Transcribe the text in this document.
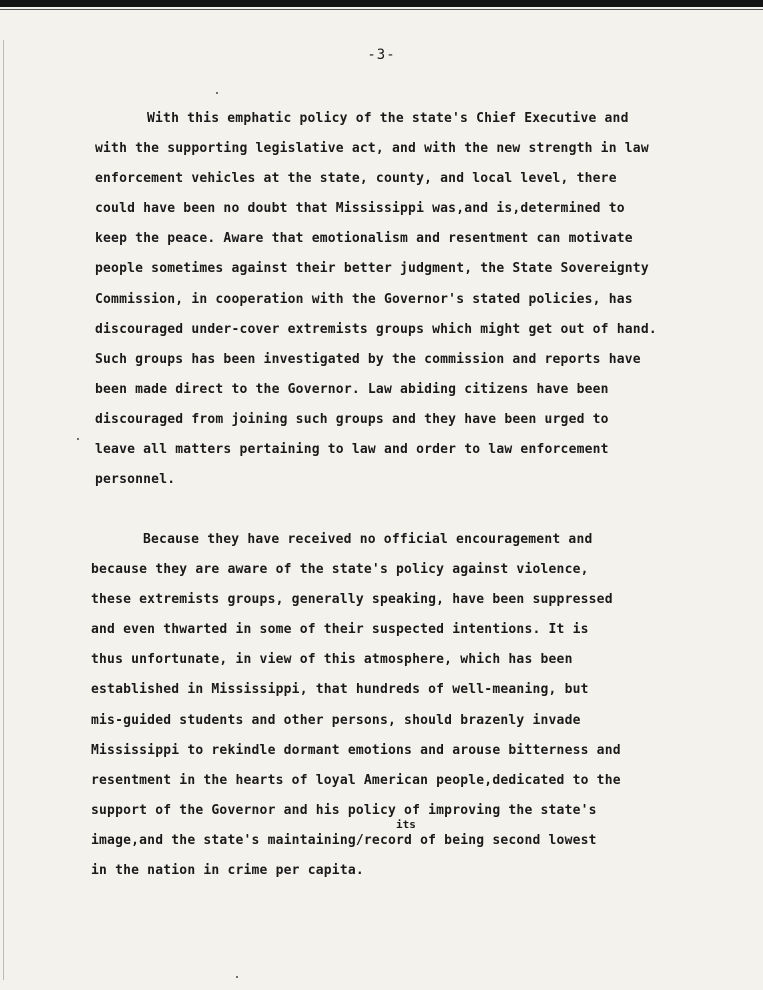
-3-
With this emphatic policy of the state's Chief Executive and
with the supporting legislative act, and with the new strength in law
enforcement vehicles at the state, county, and local level, there
could have been no doubt that Mississippi was,and is,determined to
keep the peace. Aware that emotionalism and resentment can motivate
people sometimes against their better judgment, the State Sovereignty
Commission, in cooperation with the Governor's stated policies, has
discouraged under-cover extremists groups which might get out of hand.
Such groups has been investigated by the commission and reports have
been made direct to the Governor. Law abiding citizens have been
discouraged from joining such groups and they have been urged to
leave all matters pertaining to law and order to law enforcement
personnel.
Because they have received no official encouragement and
because they are aware of the state's policy against violence,
these extremists groups, generally speaking, have been suppressed
and even thwarted in some of their suspected intentions. It is
thus unfortunate, in view of this atmosphere, which has been
established in Mississippi, that hundreds of well-meaning, but
mis-guided students and other persons, should brazenly invade
Mississippi to rekindle dormant emotions and arouse bitterness and
resentment in the hearts of loyal American people,dedicated to the
support of the Governor and his policy of improving the state's
image,and the state's maintaining/record of being second lowest
in the nation in crime per capita.
its
